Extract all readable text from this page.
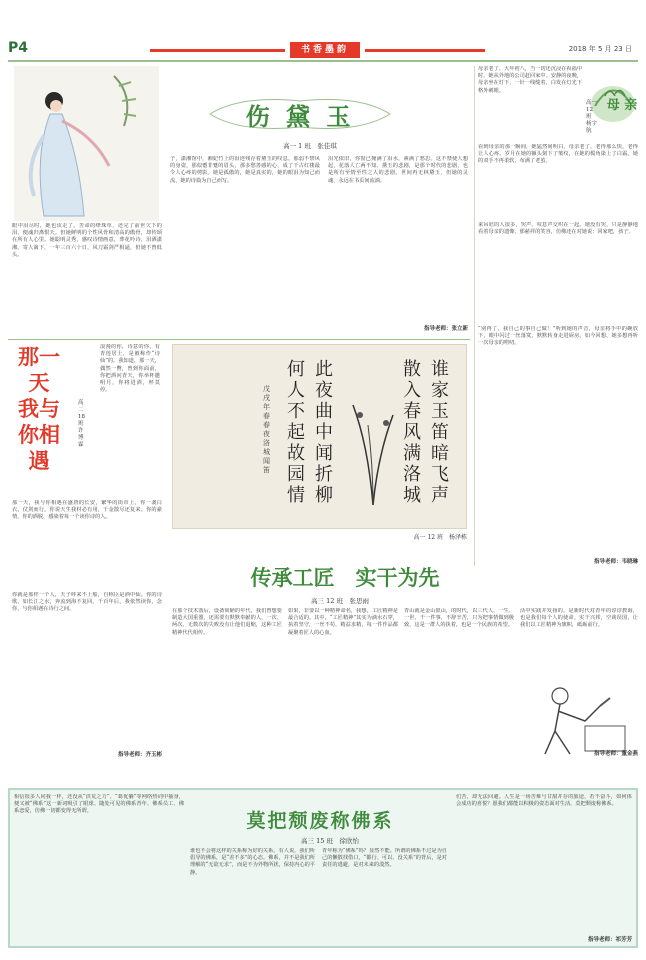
P4	书香墨韵	2018 年 5 月 23 日
伤 黛 玉
高一 1 班　张佳琪
眼中泪尽时，她也该走了。苦命的绛珠草，还完了前世欠下的泪，便魂归离恨天。但她鲜明的个性风骨和清高的傲骨，却传颂在所有人心里。她聪明灵秀，感叹诗情画意，葬花吟诗，泪洒潇湘。寄人篱下，一年三百六十日，风刀霜剑严相逼，但她不曾低头。
子，潇湘馆中，湘妃竹上的泪迹残存着黛玉的叹息。那弱不禁风的身姿，那似蹙非蹙的眉头，那多愁善感的心，成了千古红楼最令人心疼的剪影。她是孤傲的，她是真实的，她的眼泪为知己而流，她的诗篇为自己而写。
泪光依旧，你窗已掩满了泪水，素满了愁思。这不禁使人想起，花落人亡两不知。黛玉的悲剧，是那个时代的悲剧，也是所有至情至性之人的悲剧。世间再无林黛玉，但她的灵魂，永远在书页间流淌。
指导老师：张立新
母亲老了。大年初八，当一切还沉浸在祝福中时，她从外地的公司赶回家中。安静的夜晚，母亲坐在灯下，一针一线缝着，白发在灯光下格外刺眼。
高一 12 班　杨宇航
母 亲
看到母亲的那一瞬间，她猛然间明白，母亲老了，老得那么快，老得让人心疼。岁月在她的额头刻下了皱纹，在她的鬓角染上了白霜。她的双手不再柔软，布满了老茧。
来吊唁的人很多，哭声、叹息声交织在一起。她没有哭，只是静静地看着母亲的遗像，那慈祥的笑容，仿佛还在对她说：回家吧，孩子。
“别再了，我自己的事自己做！”听到她的声音，母亲将手中的碗放下，眼中闪过一丝落寞，默默转身走进厨房。如今回想，她多想再听一次母亲的唠叨。
指导老师：韦晓琳
那一天 我与你相遇
高二 18 班　许博霖
浪漫的你，诗意的你，有青莲居士，是被称作“诗仙”的。我知道，那一天，偶然一瞥，曾到你面前，你把酒问青天，你举杯邀明月，你将进酒，杯莫停。
那一天，我与你相遇在盛唐的长安，繁华的街市上，你一袭白衣，仗剑而行。你说天生我材必有用，千金散尽还复来。你的豪情，你的洒脱，感染着每一个读你诗的人。
你就是那样一个人，天子呼来不上船，自称臣是酒中仙。你的诗歌，如长江之水，奔流到海不复回。千百年后，我依然读你，念你，与你相遇在诗行之间。
指导老师：齐玉彬
谁家玉笛暗飞声
散入春风满洛城
此夜曲中闻折柳
何人不起故园情
戊戌年春 春夜洛城闻笛
高一 12 班　杨泽栋
传承工匠　实干为先
高三 12 班　张思雨
在那个技术落后，设备简陋的年代，我们曾想要制造大国重器，还需要有默默奉献的人，一次、两次、无数次的失败没有让他们退缩，这种工匠精神代代相传。
如果，非要以一种精神命名，我想，工匠精神是最合适的。其中，“工匠精神”其实为滴水石穿，执着坚守，一丝不苟，精益求精，每一件作品都凝聚着匠人的心血。
青山就是金山银山，的时代，以三代人，一生、一世，干一件事，不辞辛苦，只为把事情做到极致。这是一群人的执着，也是一个民族的希望。
活中实践并发扬的。是新时代对青年的谆谆教诲，也是我们每个人的使命。实干兴邦，空谈误国，让我们以工匠精神为旗帜，砥砺前行。
指导老师：董金燕
相信很多人同我一样，还没从“洪荒之力”、“葛优躺”等网络热词中抽身，便又被“佛系”这一新词吸引了眼球。随处可见的佛系青年、佛系员工、佛系恋爱，仿佛一切都变得无所谓。	莫把颓废称佛系
高三 15 班　徐欣怡
谁也不会将这样的关系称为好的关系。有人说，我们所倡导的佛系，是“差不多”的心态。佛系，并不是我们所理解的“无欲无求”，而是不为外物所扰，保持内心的平静。
青年称为“佛系”吗？显然不能。所谓的佛系不过是为自己的懒散找借口，“都行、可以、没关系”的背后，是对责任的逃避，是对未来的漠然。
们苦，却无法回避。人生是一场苦难与甘甜并存的旅途，若不奋斗，如何体会成功的喜悦？愿我们都能以积极的姿态面对生活，莫把颓废称佛系。
指导老师：祁芳芳
